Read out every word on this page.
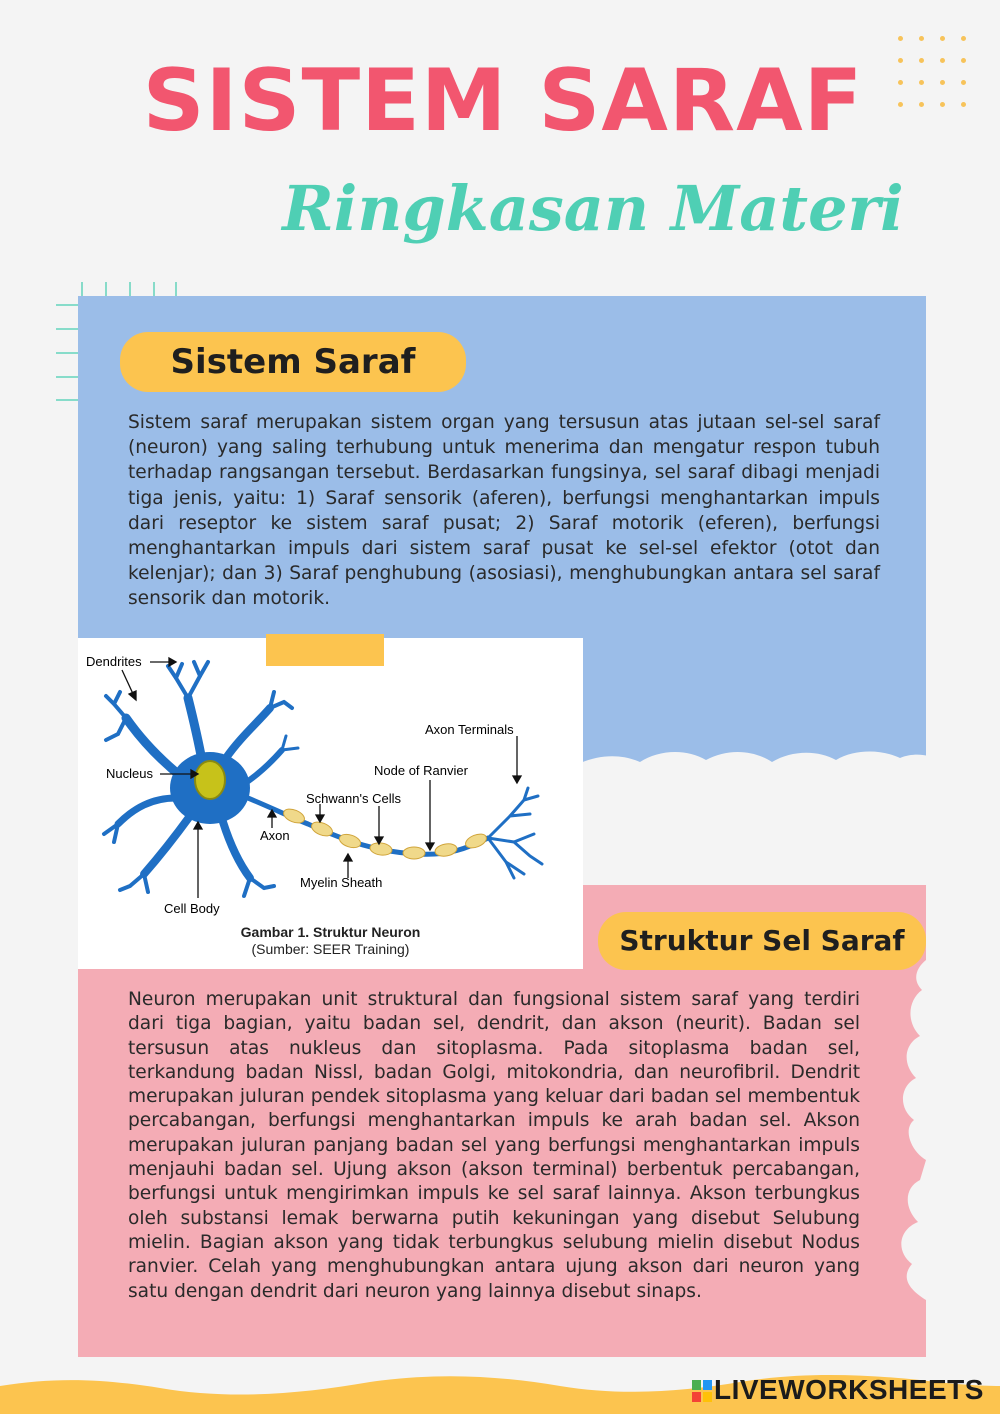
SISTEM SARAF
Ringkasan Materi
Sistem Saraf

Sistem saraf merupakan sistem organ yang tersusun atas jutaan sel-sel saraf (neuron) yang saling terhubung untuk menerima dan mengatur respon tubuh terhadap rangsangan tersebut. Berdasarkan fungsinya, sel saraf dibagi menjadi tiga jenis, yaitu: 1) Saraf sensorik (aferen), berfungsi menghantarkan impuls dari reseptor ke sistem saraf pusat; 2) Saraf motorik (eferen), berfungsi menghantarkan impuls dari sistem saraf pusat ke sel-sel efektor (otot dan kelenjar); dan 3) Saraf penghubung (asosiasi), menghubungkan antara sel saraf sensorik dan motorik.

Struktur Sel Saraf

Neuron merupakan unit struktural dan fungsional sistem saraf yang terdiri dari tiga bagian, yaitu badan sel, dendrit, dan akson (neurit). Badan sel tersusun atas nukleus dan sitoplasma. Pada sitoplasma badan sel, terkandung badan Nissl, badan Golgi, mitokondria, dan neurofibril. Dendrit merupakan juluran pendek sitoplasma yang keluar dari badan sel membentuk percabangan, berfungsi menghantarkan impuls ke arah badan sel. Akson merupakan juluran panjang badan sel yang berfungsi menghantarkan impuls menjauhi badan sel. Ujung akson (akson terminal) berbentuk percabangan, berfungsi untuk mengirimkan impuls ke sel saraf lainnya. Akson terbungkus oleh substansi lemak berwarna putih kekuningan yang disebut Selubung mielin. Bagian akson yang tidak terbungkus selubung mielin disebut Nodus ranvier. Celah yang menghubungkan antara ujung akson dari neuron yang satu dengan dendrit dari neuron yang lainnya disebut sinaps.

Dendrites
Nucleus
Cell Body
Axon
Schwann's Cells
Node of Ranvier
Axon Terminals
Myelin Sheath
Gambar 1. Struktur Neuron
(Sumber: SEER Training)
LIVEWORKSHEETS
